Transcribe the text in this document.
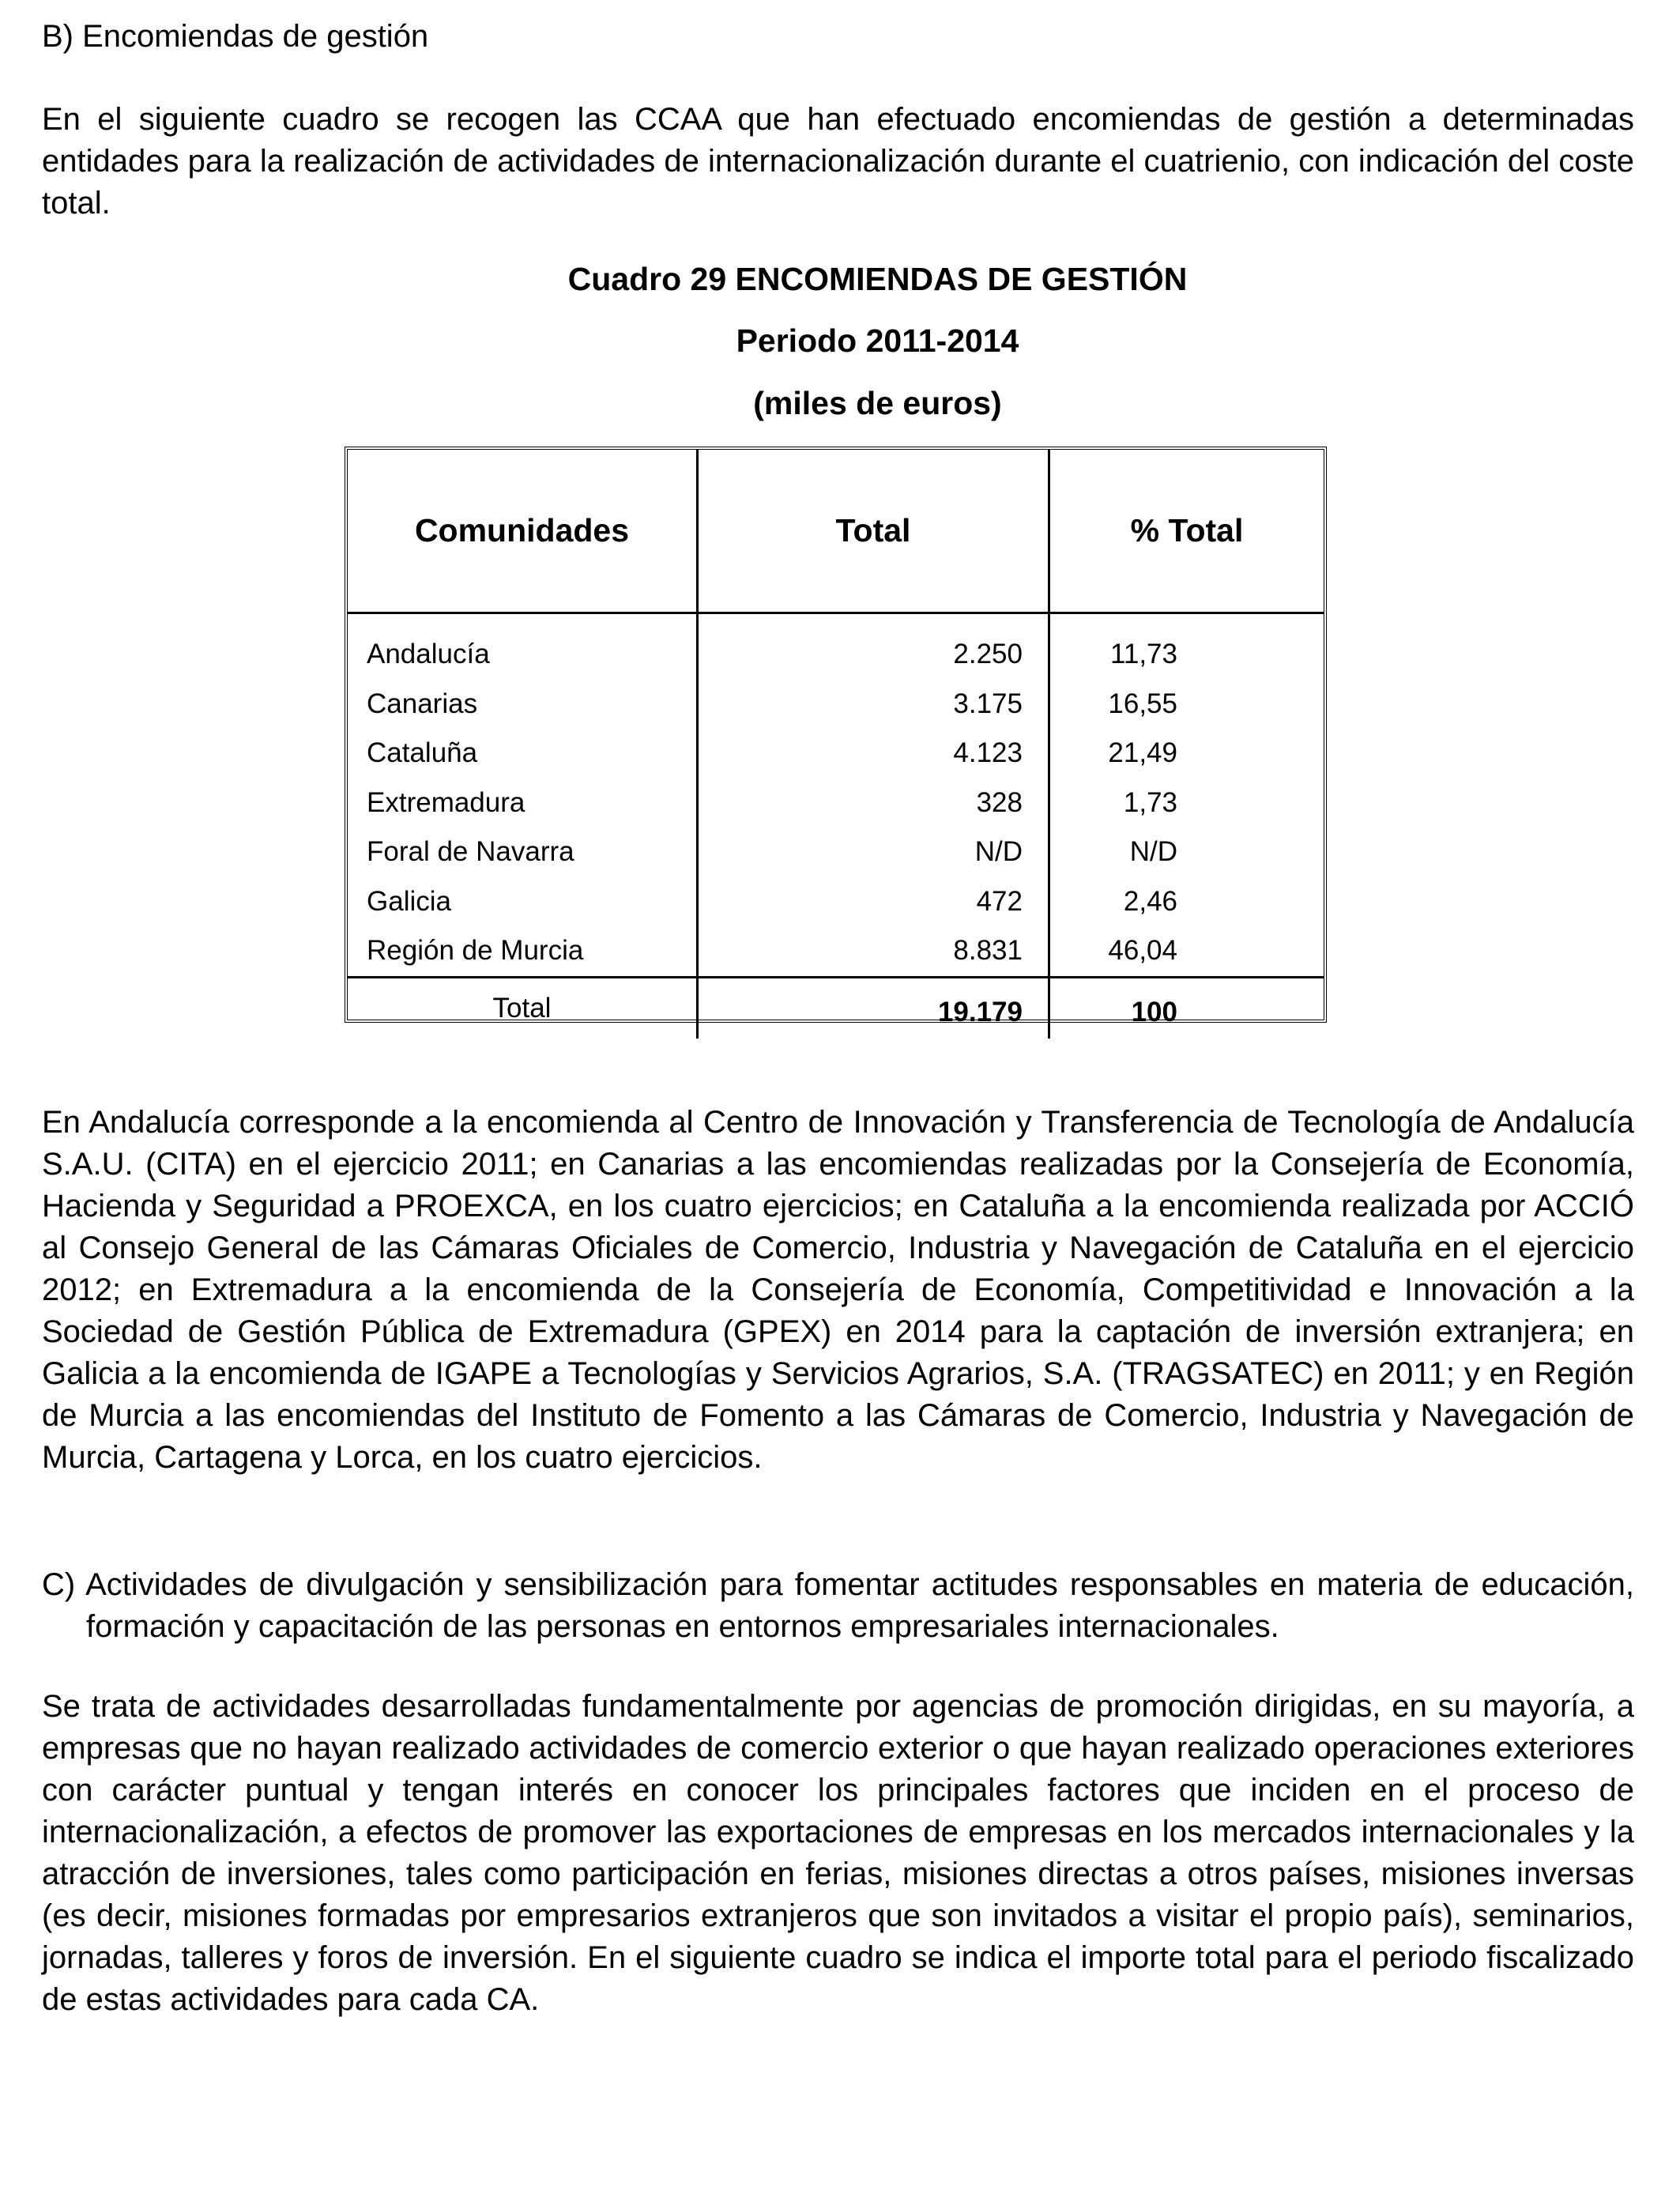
B) Encomiendas de gestión
En el siguiente cuadro se recogen las CCAA que han efectuado encomiendas de gestión a determinadas entidades para la realización de actividades de internacionalización durante el cuatrienio, con indicación del coste total.
Cuadro 29 ENCOMIENDAS DE GESTIÓN
Periodo 2011-2014
(miles de euros)
Comunidades	Total	% Total
Andalucía	2.250	11,73
Canarias	3.175	16,55
Cataluña	4.123	21,49
Extremadura	328	1,73
Foral de Navarra	N/D	N/D
Galicia	472	2,46
Región de Murcia	8.831	46,04
Total	19.179	100
En Andalucía corresponde a la encomienda al Centro de Innovación y Transferencia de Tecnología de Andalucía S.A.U. (CITA) en el ejercicio 2011; en Canarias a las encomiendas realizadas por la Consejería de Economía, Hacienda y Seguridad a PROEXCA, en los cuatro ejercicios; en Cataluña a la encomienda realizada por ACCIÓ al Consejo General de las Cámaras Oficiales de Comercio, Industria y Navegación de Cataluña en el ejercicio 2012; en Extremadura a la encomienda de la Consejería de Economía, Competitividad e Innovación a la Sociedad de Gestión Pública de Extremadura (GPEX) en 2014 para la captación de inversión extranjera; en Galicia a la encomienda de IGAPE a Tecnologías y Servicios Agrarios, S.A. (TRAGSATEC) en 2011; y en Región de Murcia a las encomiendas del Instituto de Fomento a las Cámaras de Comercio, Industria y Navegación de Murcia, Cartagena y Lorca, en los cuatro ejercicios.
C) Actividades de divulgación y sensibilización para fomentar actitudes responsables en materia de educación, formación y capacitación de las personas en entornos empresariales internacionales.
Se trata de actividades desarrolladas fundamentalmente por agencias de promoción dirigidas, en su mayoría, a empresas que no hayan realizado actividades de comercio exterior o que hayan realizado operaciones exteriores con carácter puntual y tengan interés en conocer los principales factores que inciden en el proceso de internacionalización, a efectos de promover las exportaciones de empresas en los mercados internacionales y la atracción de inversiones, tales como participación en ferias, misiones directas a otros países, misiones inversas (es decir, misiones formadas por empresarios extranjeros que son invitados a visitar el propio país), seminarios, jornadas, talleres y foros de inversión. En el siguiente cuadro se indica el importe total para el periodo fiscalizado de estas actividades para cada CA.
